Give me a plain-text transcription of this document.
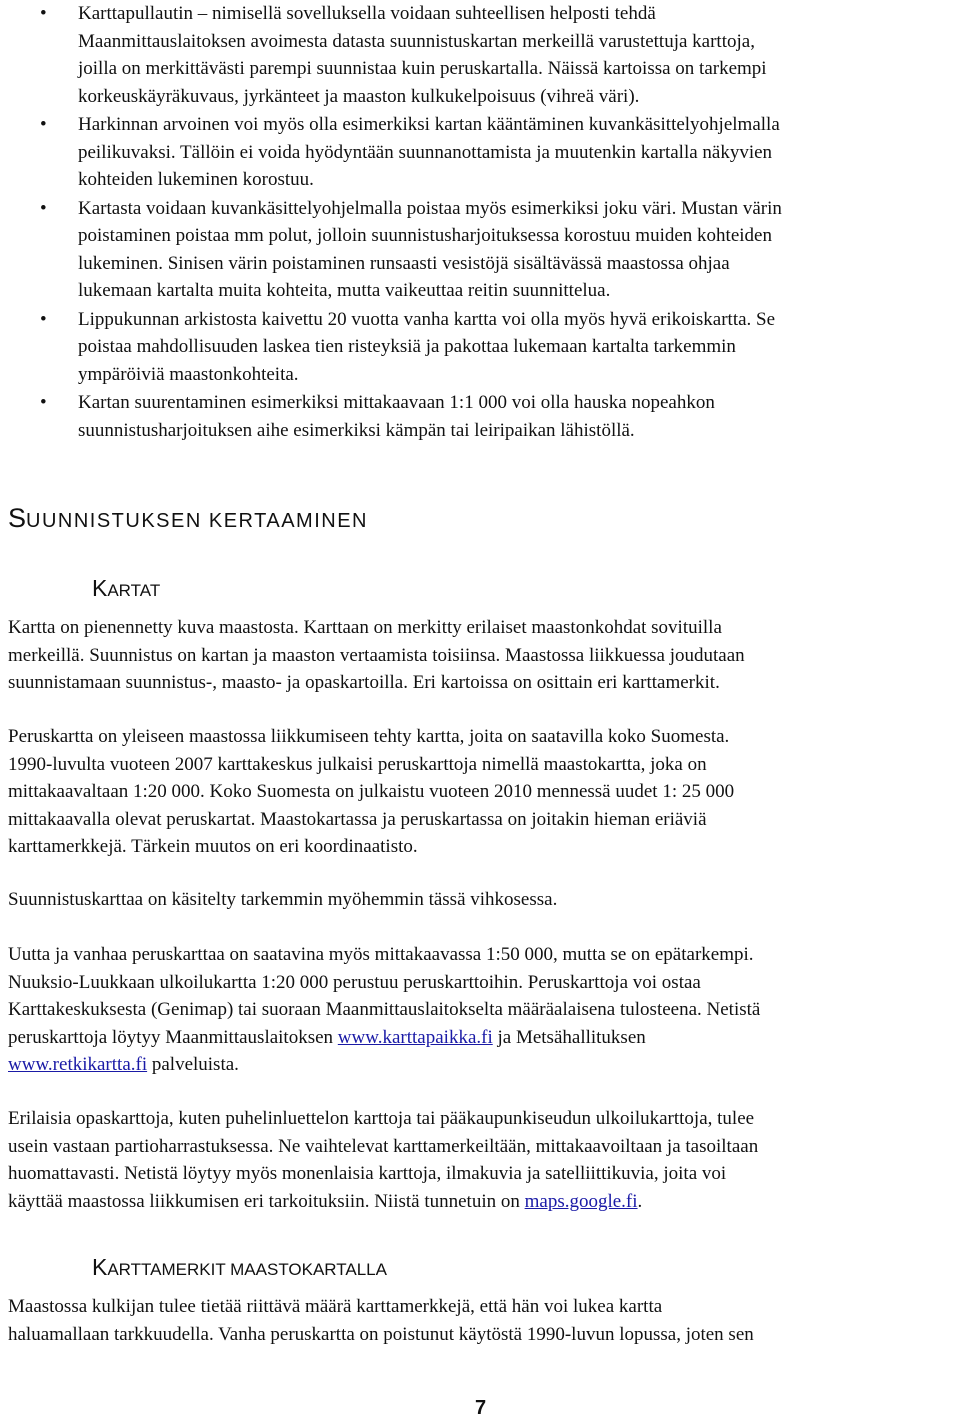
• Karttapullautin – nimisellä sovelluksella voidaan suhteellisen helposti tehdä
Maanmittauslaitoksen avoimesta datasta suunnistuskartan merkeillä varustettuja karttoja,
joilla on merkittävästi parempi suunnistaa kuin peruskartalla. Näissä kartoissa on tarkempi
korkeuskäyräkuvaus, jyrkänteet ja maaston kulkukelpoisuus (vihreä väri).
• Harkinnan arvoinen voi myös olla esimerkiksi kartan kääntäminen kuvankäsittelyohjelmalla
peilikuvaksi. Tällöin ei voida hyödyntään suunnanottamista ja muutenkin kartalla näkyvien
kohteiden lukeminen korostuu.
• Kartasta voidaan kuvankäsittelyohjelmalla poistaa myös esimerkiksi joku väri. Mustan värin
poistaminen poistaa mm polut, jolloin suunnistusharjoituksessa korostuu muiden kohteiden
lukeminen. Sinisen värin poistaminen runsaasti vesistöjä sisältävässä maastossa ohjaa
lukemaan kartalta muita kohteita, mutta vaikeuttaa reitin suunnittelua.
• Lippukunnan arkistosta kaivettu 20 vuotta vanha kartta voi olla myös hyvä erikoiskartta. Se
poistaa mahdollisuuden laskea tien risteyksiä ja pakottaa lukemaan kartalta tarkemmin
ympäröiviä maastonkohteita.
• Kartan suurentaminen esimerkiksi mittakaavaan 1:1 000 voi olla hauska nopeahkon
suunnistusharjoituksen aihe esimerkiksi kämpän tai leiripaikan lähistöllä.
SUUNNISTUKSEN KERTAAMINEN
KARTAT

Kartta on pienennetty kuva maastosta. Karttaan on merkitty erilaiset maastonkohdat sovituilla
merkeillä. Suunnistus on kartan ja maaston vertaamista toisiinsa. Maastossa liikkuessa joudutaan
suunnistamaan suunnistus-, maasto- ja opaskartoilla. Eri kartoissa on osittain eri karttamerkit.

Peruskartta on yleiseen maastossa liikkumiseen tehty kartta, joita on saatavilla koko Suomesta.
1990-luvulta vuoteen 2007 karttakeskus julkaisi peruskarttoja nimellä maastokartta, joka on
mittakaavaltaan 1:20 000. Koko Suomesta on julkaistu vuoteen 2010 mennessä uudet 1: 25 000
mittakaavalla olevat peruskartat. Maastokartassa ja peruskartassa on joitakin hieman eriäviä
karttamerkkejä. Tärkein muutos on eri koordinaatisto.

Suunnistuskarttaa on käsitelty tarkemmin myöhemmin tässä vihkosessa.

Uutta ja vanhaa peruskarttaa on saatavina myös mittakaavassa 1:50 000, mutta se on epätarkempi.
Nuuksio-Luukkaan ulkoilukartta 1:20 000 perustuu peruskarttoihin. Peruskarttoja voi ostaa
Karttakeskuksesta (Genimap) tai suoraan Maanmittauslaitokselta määräalaisena tulosteena. Netistä
peruskarttoja löytyy Maanmittauslaitoksen www.karttapaikka.fi ja Metsähallituksen
www.retkikartta.fi palveluista.

Erilaisia opaskarttoja, kuten puhelinluettelon karttoja tai pääkaupunkiseudun ulkoilukarttoja, tulee
usein vastaan partioharrastuksessa. Ne vaihtelevat karttamerkeiltään, mittakaavoiltaan ja tasoiltaan
huomattavasti. Netistä löytyy myös monenlaisia karttoja, ilmakuvia ja satelliittikuvia, joita voi
käyttää maastossa liikkumisen eri tarkoituksiin. Niistä tunnetuin on maps.google.fi.

KARTTAMERKIT MAASTOKARTALLA

Maastossa kulkijan tulee tietää riittävä määrä karttamerkkejä, että hän voi lukea kartta
haluamallaan tarkkuudella. Vanha peruskartta on poistunut käytöstä 1990-luvun lopussa, joten sen

7
